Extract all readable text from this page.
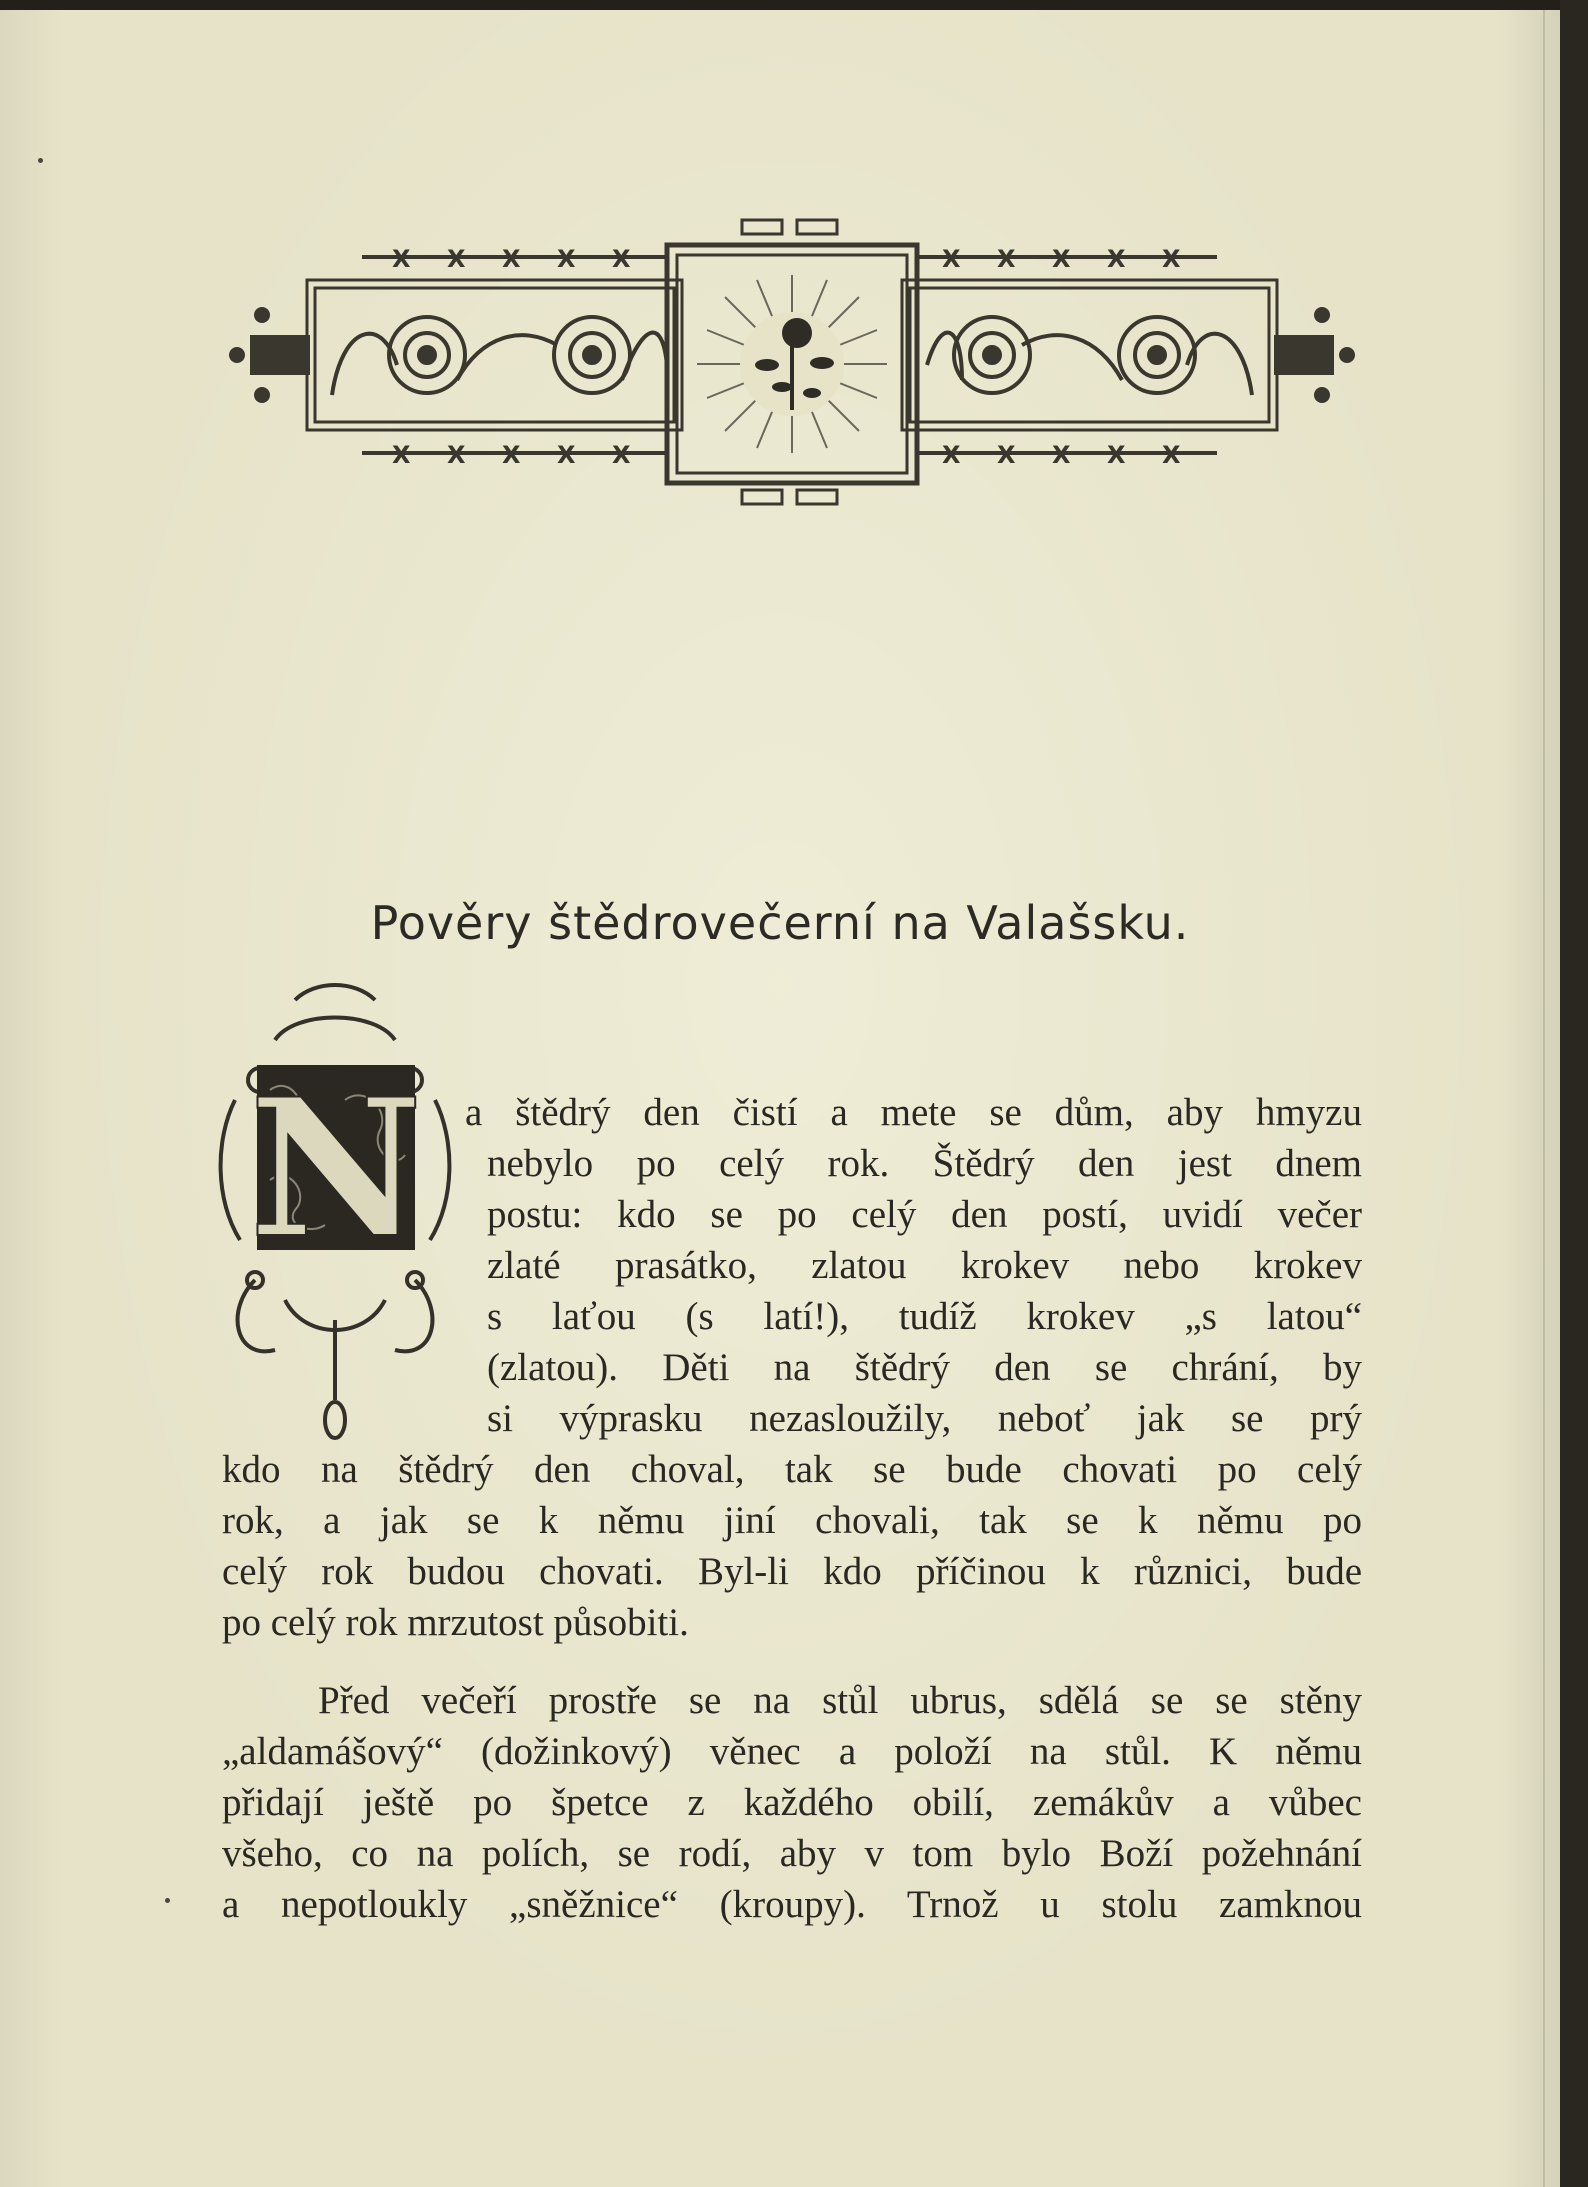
X X X X X	X X X X X
X X X X X	X X X X X
Pověry štědrovečerní na Valašsku.
N a štědrý den čistí a mete se dům, aby hmyzu

nebylo po celý rok. Štědrý den jest dnem

postu: kdo se po celý den postí, uvidí večer

zlaté prasátko, zlatou krokev nebo krokev

s laťou (s latí!), tudíž krokev „s latou“

(zlatou). Děti na štědrý den se chrání, by

si výprasku nezasloužily, neboť jak se prý

kdo na štědrý den choval, tak se bude chovati po celý

rok, a jak se k němu jiní chovali, tak se k němu po

celý rok budou chovati. Byl-li kdo příčinou k různici, bude

po celý rok mrzutost působiti.

Před večeří prostře se na stůl ubrus, sdělá se se stěny

„aldamášový“ (dožinkový) věnec a položí na stůl. K němu

přidají ještě po špetce z každého obilí, zemákův a vůbec

všeho, co na polích, se rodí, aby v tom bylo Boží požehnání

a nepotloukly „sněžnice“ (kroupy). Trnož u stolu zamknou
